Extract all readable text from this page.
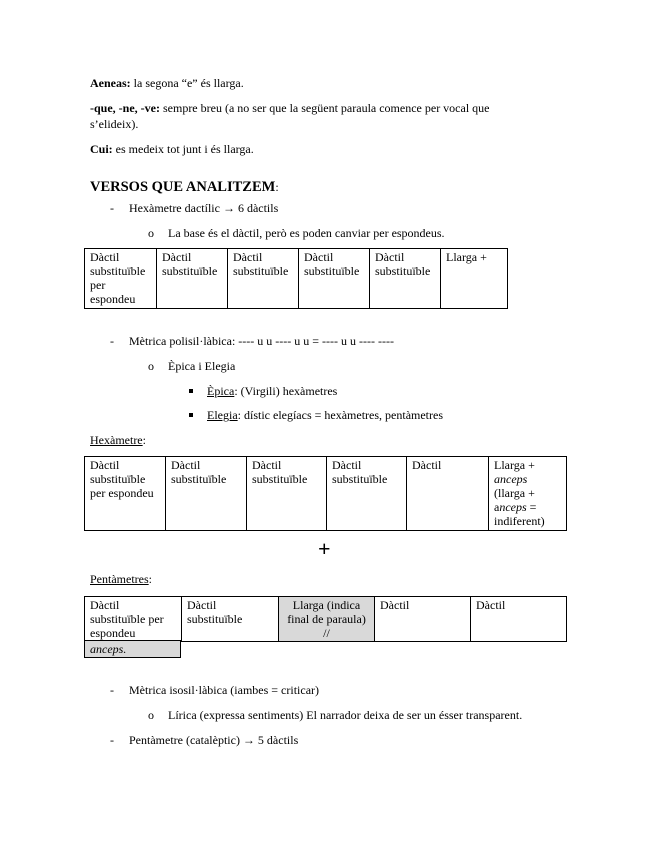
Aeneas: la segona “e” és llarga.
-que, -ne, -ve: sempre breu (a no ser que la següent paraula comence per vocal que
s’elideix).
Cui: es medeix tot junt i és llarga.
VERSOS QUE ANALITZEM:
- Hexàmetre dactílic → 6 dàctils
o La base és el dàctil, però es poden canviar per espondeus.
Dàctil substituïble per espondeu	Dàctil substituïble	Dàctil substituïble	Dàctil substituïble	Dàctil substituïble	Llarga +
- Mètrica polisil·làbica: ---- u u ---- u u = ---- u u ---- ----
o Èpica i Elegia
Èpica: (Virgili) hexàmetres
Elegia: dístic elegíacs = hexàmetres, pentàmetres
Hexàmetre:
Dàctil substituïble per espondeu	Dàctil substituïble	Dàctil substituïble	Dàctil substituïble	Dàctil	Llarga +
anceps
(llarga +
anceps =
indiferent)
+
Pentàmetres:
Dàctil substituïble per espondeu	Dàctil substituïble	Llarga (indica final de paraula)
//	Dàctil	Dàctil
anceps.
- Mètrica isosil·làbica (iambes = criticar)
o Lírica (expressa sentiments) El narrador deixa de ser un ésser transparent.
- Pentàmetre (catalèptic) → 5 dàctils
